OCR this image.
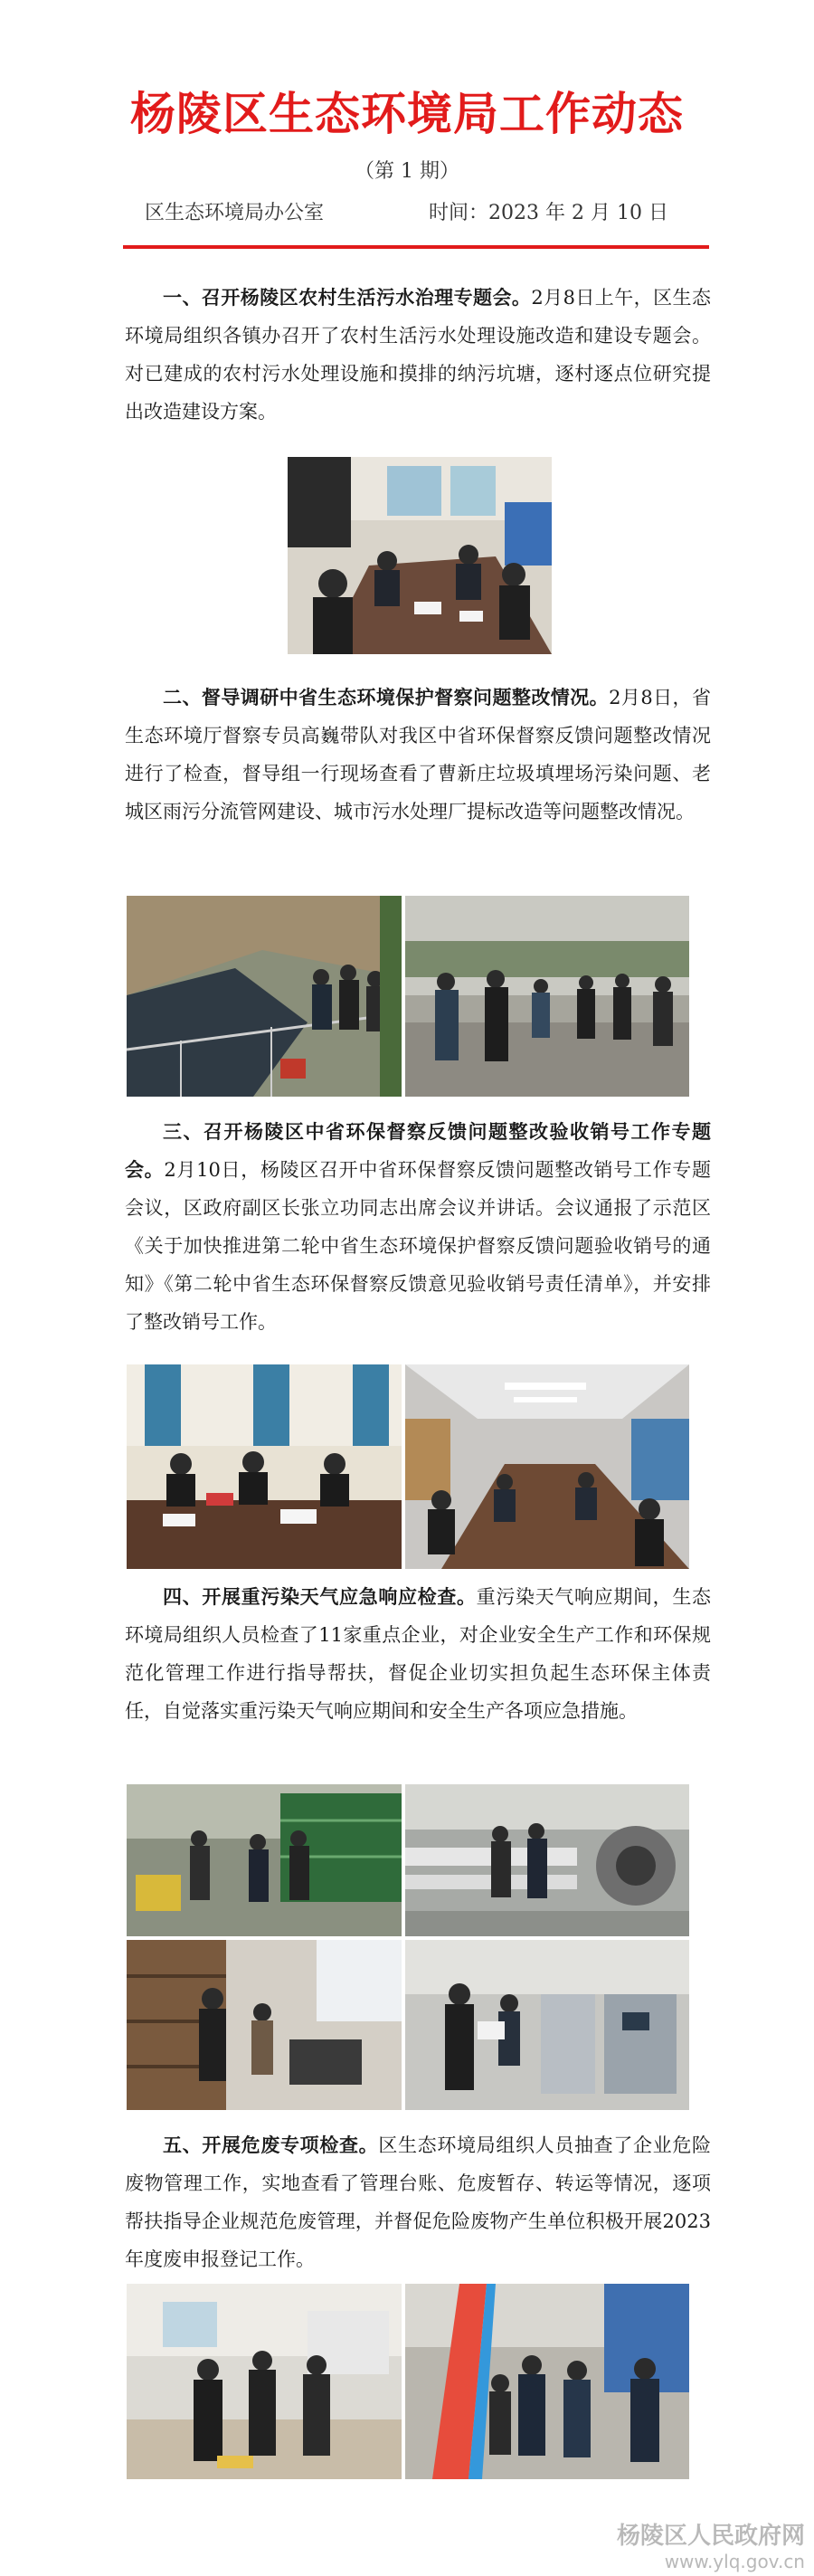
杨陵区生态环境局工作动态
（第 1 期）
区生态环境局办公室	时间：2023 年 2 月 10 日

一、召开杨陵区农村生活污水治理专题会。2月8日上午，区生态环境局组织各镇办召开了农村生活污水处理设施改造和建设专题会。对已建成的农村污水处理设施和摸排的纳污坑塘，逐村逐点位研究提出改造建设方案。

二、督导调研中省生态环境保护督察问题整改情况。2月8日，省生态环境厅督察专员高巍带队对我区中省环保督察反馈问题整改情况进行了检查，督导组一行现场查看了曹新庄垃圾填埋场污染问题、老城区雨污分流管网建设、城市污水处理厂提标改造等问题整改情况。

三、召开杨陵区中省环保督察反馈问题整改验收销号工作专题会。2月10日，杨陵区召开中省环保督察反馈问题整改销号工作专题会议，区政府副区长张立功同志出席会议并讲话。会议通报了示范区《关于加快推进第二轮中省生态环境保护督察反馈问题验收销号的通知》《第二轮中省生态环保督察反馈意见验收销号责任清单》，并安排了整改销号工作。

四、开展重污染天气应急响应检查。重污染天气响应期间，生态环境局组织人员检查了11家重点企业，对企业安全生产工作和环保规范化管理工作进行指导帮扶，督促企业切实担负起生态环保主体责任，自觉落实重污染天气响应期间和安全生产各项应急措施。

五、开展危废专项检查。区生态环境局组织人员抽查了企业危险废物管理工作，实地查看了管理台账、危废暂存、转运等情况，逐项帮扶指导企业规范危废管理，并督促危险废物产生单位积极开展2023年度废申报登记工作。

杨陵区人民政府网
www.ylq.gov.cn
